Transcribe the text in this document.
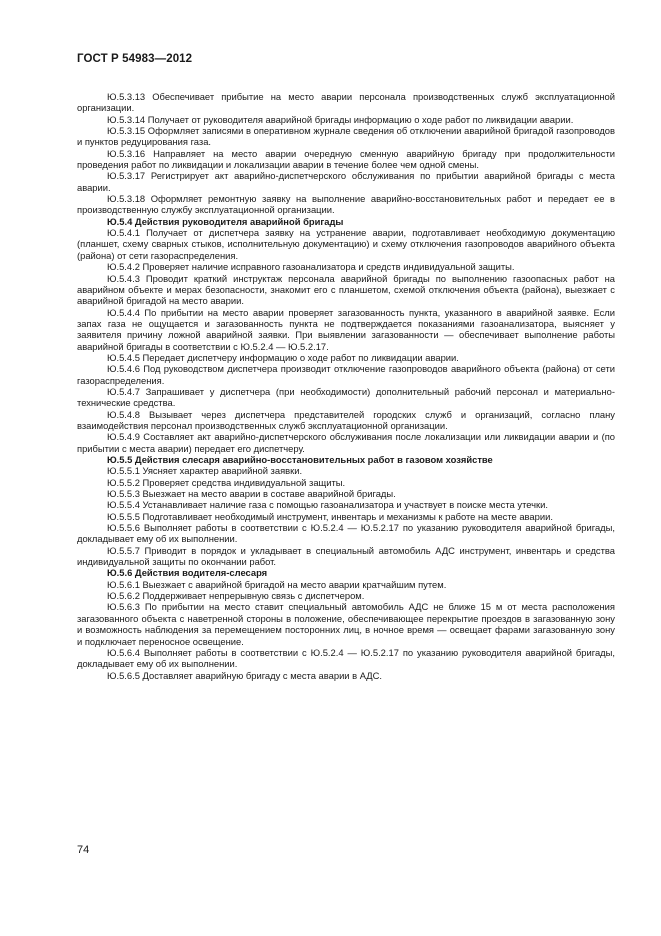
ГОСТ Р 54983—2012

Ю.5.3.13 Обеспечивает прибытие на место аварии персонала производственных служб эксплуатационной организации.

Ю.5.3.14 Получает от руководителя аварийной бригады информацию о ходе работ по ликвидации аварии.

Ю.5.3.15 Оформляет записями в оперативном журнале сведения об отключении аварийной бригадой газопроводов и пунктов редуцирования газа.

Ю.5.3.16 Направляет на место аварии очередную сменную аварийную бригаду при продолжительности проведения работ по ликвидации и локализации аварии в течение более чем одной смены.

Ю.5.3.17 Регистрирует акт аварийно-диспетчерского обслуживания по прибытии аварийной бригады с места аварии.

Ю.5.3.18 Оформляет ремонтную заявку на выполнение аварийно-восстановительных работ и передает ее в производственную службу эксплуатационной организации.

Ю.5.4 Действия руководителя аварийной бригады

Ю.5.4.1 Получает от диспетчера заявку на устранение аварии, подготавливает необходимую документацию (планшет, схему сварных стыков, исполнительную документацию) и схему отключения газопроводов аварийного объекта (района) от сети газораспределения.

Ю.5.4.2 Проверяет наличие исправного газоанализатора и средств индивидуальной защиты.

Ю.5.4.3 Проводит краткий инструктаж персонала аварийной бригады по выполнению газоопасных работ на аварийном объекте и мерах безопасности, знакомит его с планшетом, схемой отключения объекта (района), выезжает с аварийной бригадой на место аварии.

Ю.5.4.4 По прибытии на место аварии проверяет загазованность пункта, указанного в аварийной заявке. Если запах газа не ощущается и загазованность пункта не подтверждается показаниями газоанализатора, выясняет у заявителя причину ложной аварийной заявки. При выявлении загазованности — обеспечивает выполнение работы аварийной бригады в соответствии с Ю.5.2.4 — Ю.5.2.17.

Ю.5.4.5 Передает диспетчеру информацию о ходе работ по ликвидации аварии.

Ю.5.4.6 Под руководством диспетчера производит отключение газопроводов аварийного объекта (района) от сети газораспределения.

Ю.5.4.7 Запрашивает у диспетчера (при необходимости) дополнительный рабочий персонал и материально-технические средства.

Ю.5.4.8 Вызывает через диспетчера представителей городских служб и организаций, согласно плану взаимодействия персонал производственных служб эксплуатационной организации.

Ю.5.4.9 Составляет акт аварийно-диспетчерского обслуживания после локализации или ликвидации аварии и (по прибытии с места аварии) передает его диспетчеру.

Ю.5.5 Действия слесаря аварийно-восстановительных работ в газовом хозяйстве

Ю.5.5.1 Уясняет характер аварийной заявки.

Ю.5.5.2 Проверяет средства индивидуальной защиты.

Ю.5.5.3 Выезжает на место аварии в составе аварийной бригады.

Ю.5.5.4 Устанавливает наличие газа с помощью газоанализатора и участвует в поиске места утечки.

Ю.5.5.5 Подготавливает необходимый инструмент, инвентарь и механизмы к работе на месте аварии.

Ю.5.5.6 Выполняет работы в соответствии с Ю.5.2.4 — Ю.5.2.17 по указанию руководителя аварийной бригады, докладывает ему об их выполнении.

Ю.5.5.7 Приводит в порядок и укладывает в специальный автомобиль АДС инструмент, инвентарь и средства индивидуальной защиты по окончании работ.

Ю.5.6 Действия водителя-слесаря

Ю.5.6.1 Выезжает с аварийной бригадой на место аварии кратчайшим путем.

Ю.5.6.2 Поддерживает непрерывную связь с диспетчером.

Ю.5.6.3 По прибытии на место ставит специальный автомобиль АДС не ближе 15 м от места расположения загазованного объекта с наветренной стороны в положение, обеспечивающее перекрытие проездов в загазованную зону и возможность наблюдения за перемещением посторонних лиц, в ночное время — освещает фарами загазованную зону и подключает переносное освещение.

Ю.5.6.4 Выполняет работы в соответствии с Ю.5.2.4 — Ю.5.2.17 по указанию руководителя аварийной бригады, докладывает ему об их выполнении.

Ю.5.6.5 Доставляет аварийную бригаду с места аварии в АДС.

74
